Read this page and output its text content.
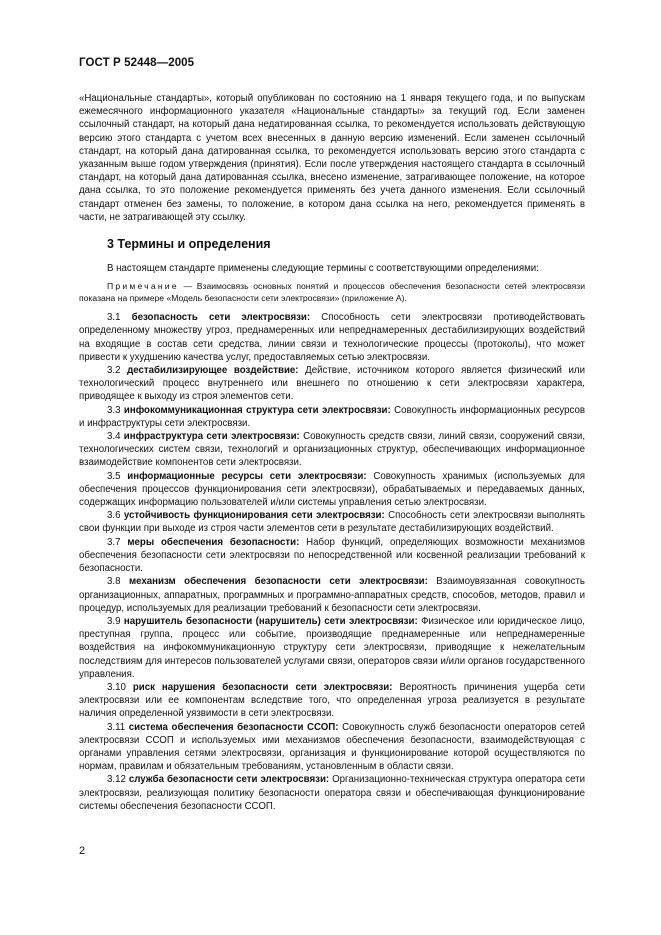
ГОСТ Р 52448—2005

«Национальные стандарты», который опубликован по состоянию на 1 января текущего года, и по выпускам ежемесячного информационного указателя «Национальные стандарты» за текущий год. Если заменен ссылочный стандарт, на который дана недатированная ссылка, то рекомендуется использовать действующую версию этого стандарта с учетом всех внесенных в данную версию изменений. Если заменен ссылочный стандарт, на который дана датированная ссылка, то рекомендуется использовать версию этого стандарта с указанным выше годом утверждения (принятия). Если после утверждения настоящего стандарта в ссылочный стандарт, на который дана датированная ссылка, внесено изменение, затрагивающее положение, на которое дана ссылка, то это положение рекомендуется применять без учета данного изменения. Если ссылочный стандарт отменен без замены, то положение, в котором дана ссылка на него, рекомендуется применять в части, не затрагивающей эту ссылку.

3 Термины и определения

В настоящем стандарте применены следующие термины с соответствующими определениями:

Примечание — Взаимосвязь основных понятий и процессов обеспечения безопасности сетей электросвязи показана на примере «Модель безопасности сети электросвязи» (приложение А).

3.1 безопасность сети электросвязи: Способность сети электросвязи противодействовать определенному множеству угроз, преднамеренных или непреднамеренных дестабилизирующих воздействий на входящие в состав сети средства, линии связи и технологические процессы (протоколы), что может привести к ухудшению качества услуг, предоставляемых сетью электросвязи.

3.2 дестабилизирующее воздействие: Действие, источником которого является физический или технологический процесс внутреннего или внешнего по отношению к сети электросвязи характера, приводящее к выходу из строя элементов сети.

3.3 инфокоммуникационная структура сети электросвязи: Совокупность информационных ресурсов и инфраструктуры сети электросвязи.

3.4 инфраструктура сети электросвязи: Совокупность средств связи, линий связи, сооружений связи, технологических систем связи, технологий и организационных структур, обеспечивающих информационное взаимодействие компонентов сети электросвязи.

3.5 информационные ресурсы сети электросвязи: Совокупность хранимых (используемых для обеспечения процессов функционирования сети электросвязи), обрабатываемых и передаваемых данных, содержащих информацию пользователей и/или системы управления сетью электросвязи.

3.6 устойчивость функционирования сети электросвязи: Способность сети электросвязи выполнять свои функции при выходе из строя части элементов сети в результате дестабилизирующих воздействий.

3.7 меры обеспечения безопасности: Набор функций, определяющих возможности механизмов обеспечения безопасности сети электросвязи по непосредственной или косвенной реализации требований к безопасности.

3.8 механизм обеспечения безопасности сети электросвязи: Взаимоувязанная совокупность организационных, аппаратных, программных и программно-аппаратных средств, способов, методов, правил и процедур, используемых для реализации требований к безопасности сети электросвязи.

3.9 нарушитель безопасности (нарушитель) сети электросвязи: Физическое или юридическое лицо, преступная группа, процесс или событие, производящие преднамеренные или непреднамеренные воздействия на инфокоммуникационную структуру сети электросвязи, приводящие к нежелательным последствиям для интересов пользователей услугами связи, операторов связи и/или органов государственного управления.

3.10 риск нарушения безопасности сети электросвязи: Вероятность причинения ущерба сети электросвязи или ее компонентам вследствие того, что определенная угроза реализуется в результате наличия определенной уязвимости в сети электросвязи.

3.11 система обеспечения безопасности ССОП: Совокупность служб безопасности операторов сетей электросвязи ССОП и используемых ими механизмов обеспечения безопасности, взаимодействующая с органами управления сетями электросвязи, организация и функционирование которой осуществляются по нормам, правилам и обязательным требованиям, установленным в области связи.

3.12 служба безопасности сети электросвязи: Организационно-техническая структура оператора сети электросвязи, реализующая политику безопасности оператора связи и обеспечивающая функционирование системы обеспечения безопасности ССОП.

2
